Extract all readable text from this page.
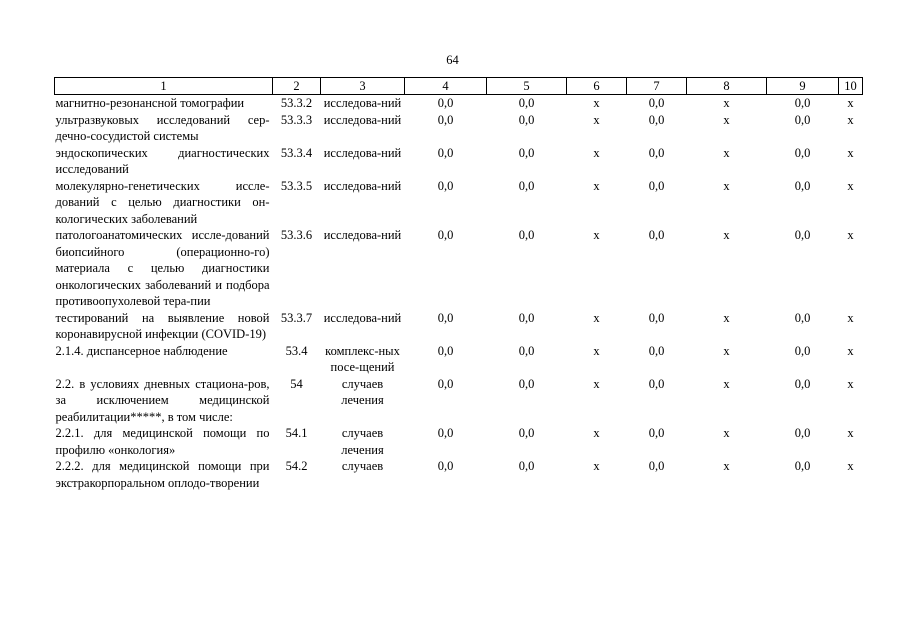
64
1	2	3	4	5	6	7	8	9	10
магнитно-резонансной томографии	53.3.2	исследова-ний	0,0	0,0	х	0,0	х	0,0	х
ультразвуковых исследований сер-дечно-сосудистой системы	53.3.3	исследова-ний	0,0	0,0	х	0,0	х	0,0	х
эндоскопических диагностических исследований	53.3.4	исследова-ний	0,0	0,0	х	0,0	х	0,0	х
молекулярно-генетических иссле-дований с целью диагностики он-кологических заболеваний	53.3.5	исследова-ний	0,0	0,0	х	0,0	х	0,0	х
патологоанатомических иссле-дований биопсийного (операционно-го) материала с целью диагностики онкологических заболеваний и подбора противоопухолевой тера-пии	53.3.6	исследова-ний	0,0	0,0	х	0,0	х	0,0	х
тестирований на выявление новой коронавирусной инфекции (COVID-19)	53.3.7	исследова-ний	0,0	0,0	х	0,0	х	0,0	х
2.1.4. диспансерное наблюдение	53.4	комплекс-ных посе-щений	0,0	0,0	х	0,0	х	0,0	х
2.2. в условиях дневных стациона-ров, за исключением медицинской реабилитации*****, в том числе:	54	случаев лечения	0,0	0,0	х	0,0	х	0,0	х
2.2.1. для медицинской помощи по профилю «онкология»	54.1	случаев лечения	0,0	0,0	х	0,0	х	0,0	х
2.2.2. для медицинской помощи при экстракорпоральном оплодо-творении	54.2	случаев	0,0	0,0	х	0,0	х	0,0	х
